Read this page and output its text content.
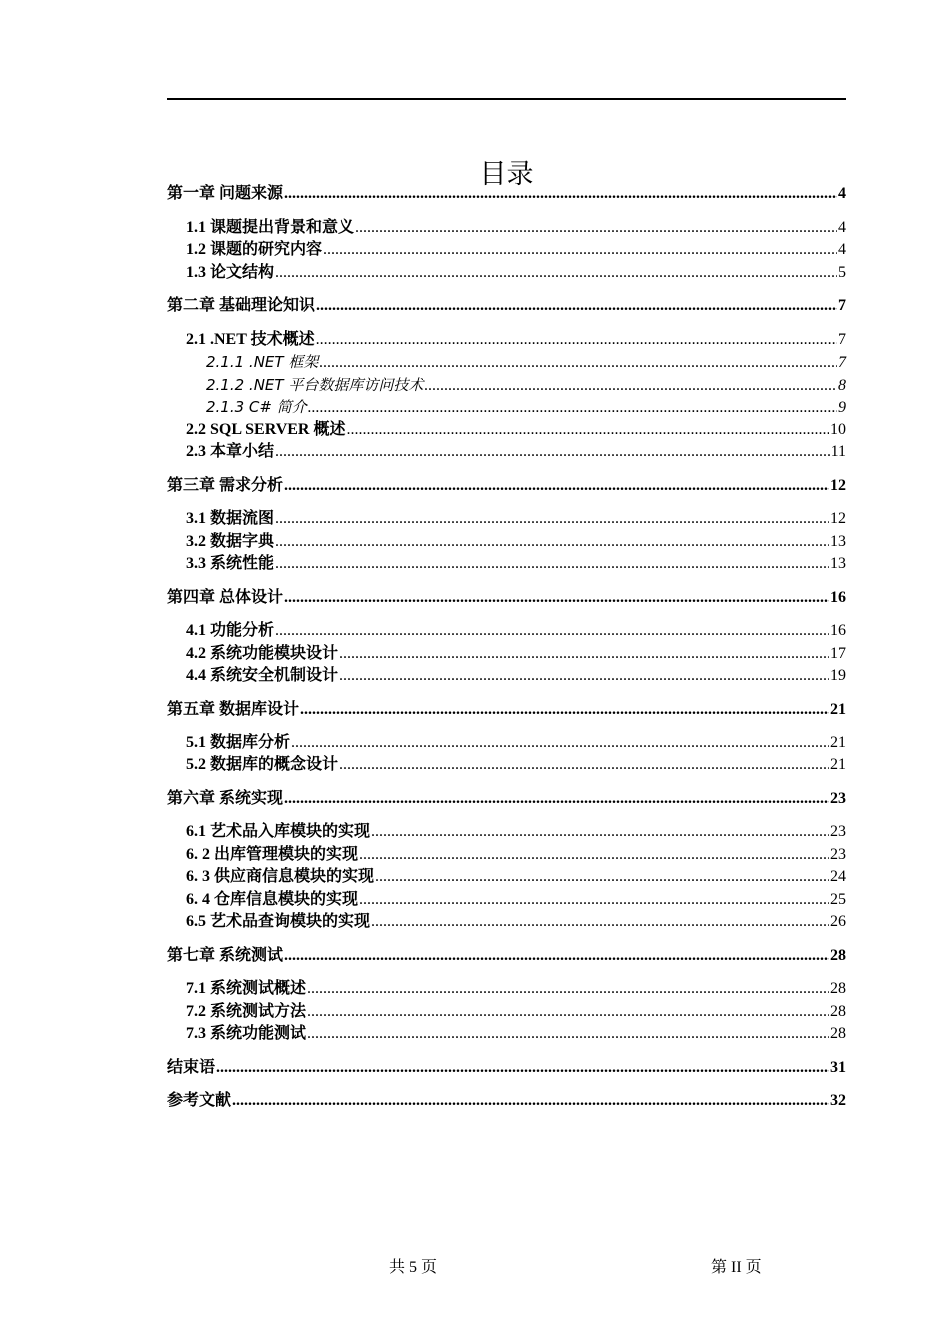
目录
第一章 问题来源 .....	4
1.1 课题提出背景和意义 .....	4
1.2 课题的研究内容 .....	4
1.3 论文结构 .....	5
第二章 基础理论知识 .....	7
2.1 .NET 技术概述 .....	7
2.1.1 .NET 框架 .....	7
2.1.2 .NET 平台数据库访问技术 .....	8
2.1.3 C# 简介 .....	9
2.2 SQL SERVER 概述 .....	10
2.3 本章小结 .....	11
第三章 需求分析 .....	12
3.1 数据流图 .....	12
3.2 数据字典 .....	13
3.3 系统性能 .....	13
第四章 总体设计 .....	16
4.1 功能分析 .....	16
4.2 系统功能模块设计 .....	17
4.4 系统安全机制设计 .....	19
第五章 数据库设计 .....	21
5.1 数据库分析 .....	21
5.2 数据库的概念设计 .....	21
第六章 系统实现 .....	23
6.1 艺术品入库模块的实现 .....	23
6. 2 出库管理模块的实现 .....	23
6. 3 供应商信息模块的实现 .....	24
6. 4 仓库信息模块的实现 .....	25
6.5 艺术品查询模块的实现 .....	26
第七章 系统测试 .....	28
7.1 系统测试概述 .....	28
7.2 系统测试方法 .....	28
7.3 系统功能测试 .....	28
结束语 .....	31
参考文献 .....	32
共 5 页	第 II 页
